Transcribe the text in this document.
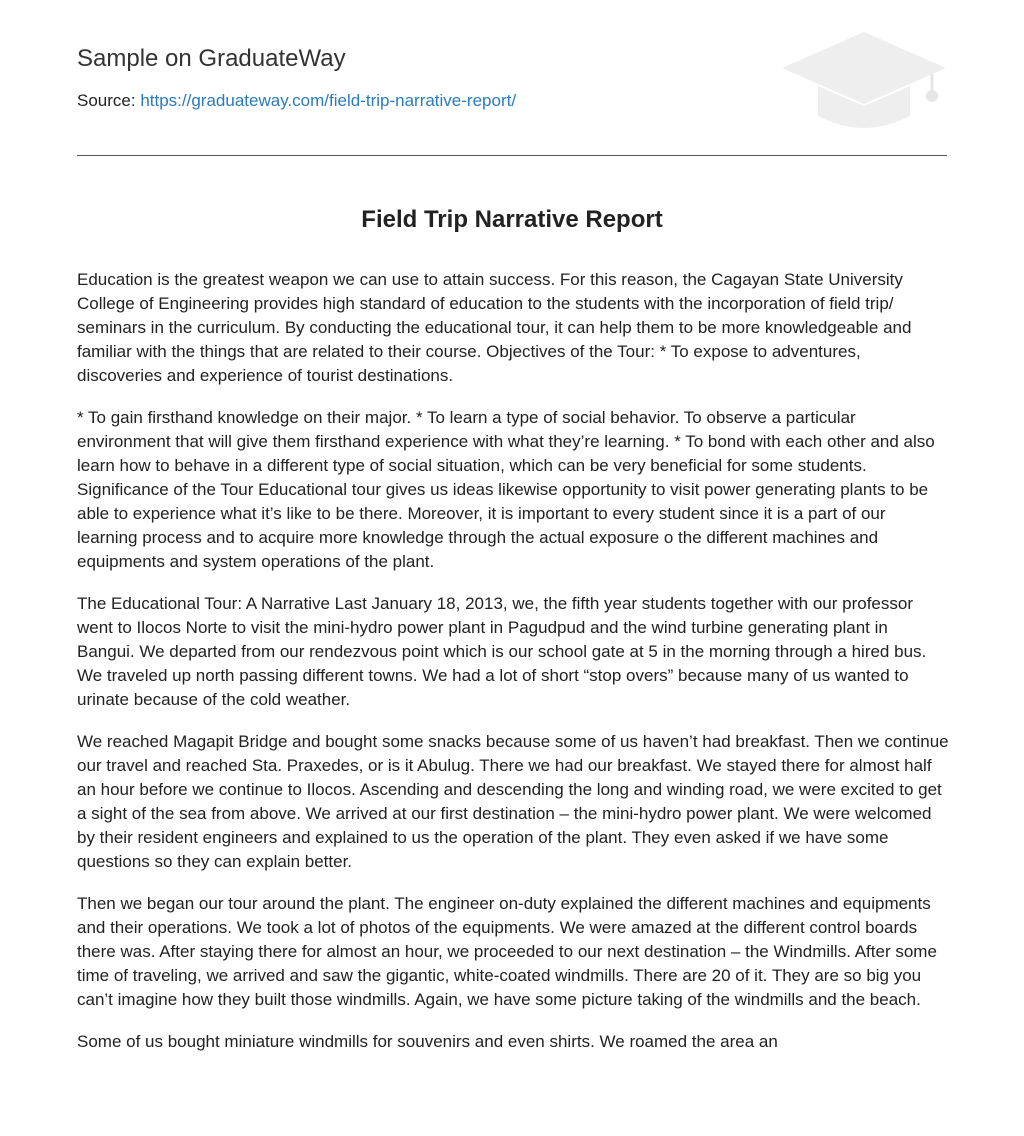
Sample on GraduateWay
Source: https://graduateway.com/field-trip-narrative-report/
Field Trip Narrative Report

Education is the greatest weapon we can use to attain success. For this reason, the Cagayan State University College of Engineering provides high standard of education to the students with the incorporation of field trip/ seminars in the curriculum. By conducting the educational tour, it can help them to be more knowledgeable and familiar with the things that are related to their course. Objectives of the Tour: * To expose to adventures, discoveries and experience of tourist destinations.

* To gain firsthand knowledge on their major. * To learn a type of social behavior. To observe a particular environment that will give them firsthand experience with what they’re learning. * To bond with each other and also learn how to behave in a different type of social situation, which can be very beneficial for some students. Significance of the Tour Educational tour gives us ideas likewise opportunity to visit power generating plants to be able to experience what it’s like to be there. Moreover, it is important to every student since it is a part of our learning process and to acquire more knowledge through the actual exposure o the different machines and equipments and system operations of the plant.

The Educational Tour: A Narrative Last January 18, 2013, we, the fifth year students together with our professor went to Ilocos Norte to visit the mini-hydro power plant in Pagudpud and the wind turbine generating plant in Bangui. We departed from our rendezvous point which is our school gate at 5 in the morning through a hired bus. We traveled up north passing different towns. We had a lot of short “stop overs” because many of us wanted to urinate because of the cold weather.

We reached Magapit Bridge and bought some snacks because some of us haven’t had breakfast. Then we continue our travel and reached Sta. Praxedes, or is it Abulug. There we had our breakfast. We stayed there for almost half an hour before we continue to Ilocos. Ascending and descending the long and winding road, we were excited to get a sight of the sea from above. We arrived at our first destination – the mini-hydro power plant. We were welcomed by their resident engineers and explained to us the operation of the plant. They even asked if we have some questions so they can explain better.

Then we began our tour around the plant. The engineer on-duty explained the different machines and equipments and their operations. We took a lot of photos of the equipments. We were amazed at the different control boards there was. After staying there for almost an hour, we proceeded to our next destination – the Windmills. After some time of traveling, we arrived and saw the gigantic, white-coated windmills. There are 20 of it. They are so big you can’t imagine how they built those windmills. Again, we have some picture taking of the windmills and the beach.

Some of us bought miniature windmills for souvenirs and even shirts. We roamed the area an
